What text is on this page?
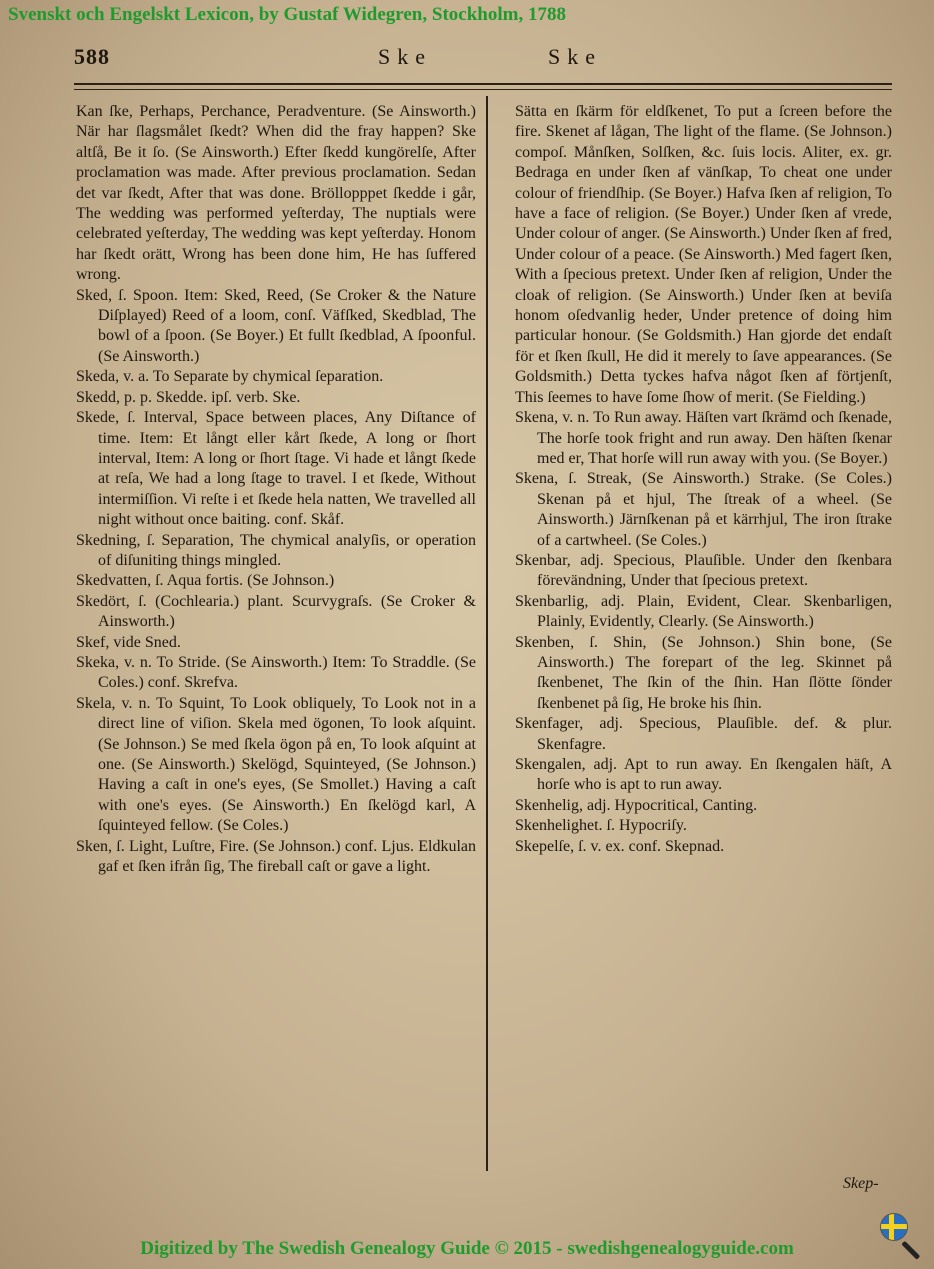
Svenskt och Engelskt Lexicon, by Gustaf Widegren, Stockholm, 1788
588	Ske	Ske

Kan ſke, Perhaps, Perchance, Peradventure. (Se Ainsworth.) När har ſlagsmålet ſkedt? When did the fray happen? Ske altſå, Be it ſo. (Se Ainsworth.) Efter ſkedd kungörelſe, After proclamation was made. After previous proclamation. Sedan det var ſkedt, After that was done. Bröllopppet ſkedde i går, The wedding was performed yeſterday, The nuptials were celebrated yeſterday, The wedding was kept yeſterday. Honom har ſkedt orätt, Wrong has been done him, He has ſuffered wrong.

Sked, ſ. Spoon. Item: Sked, Reed, (Se Croker & the Nature Diſplayed) Reed of a loom, conſ. Väfſked, Skedblad, The bowl of a ſpoon. (Se Boyer.) Et fullt ſkedblad, A ſpoonful. (Se Ainsworth.)

Skeda, v. a. To Separate by chymical ſeparation.

Skedd, p. p. Skedde. ipſ. verb. Ske.

Skede, ſ. Interval, Space between places, Any Diſtance of time. Item: Et långt eller kårt ſkede, A long or ſhort interval, Item: A long or ſhort ſtage. Vi hade et långt ſkede at reſa, We had a long ſtage to travel. I et ſkede, Without intermiſſion. Vi reſte i et ſkede hela natten, We travelled all night without once baiting. conf. Skåf.

Skedning, ſ. Separation, The chymical analyſis, or operation of diſuniting things mingled.

Skedvatten, ſ. Aqua fortis. (Se Johnson.)

Skedört, ſ. (Cochlearia.) plant. Scurvygraſs. (Se Croker & Ainsworth.)

Skef, vide Sned.

Skeka, v. n. To Stride. (Se Ainsworth.) Item: To Straddle. (Se Coles.) conf. Skrefva.

Skela, v. n. To Squint, To Look obliquely, To Look not in a direct line of viſion. Skela med ögonen, To look aſquint. (Se Johnson.) Se med ſkela ögon på en, To look aſquint at one. (Se Ainsworth.) Skelögd, Squinteyed, (Se Johnson.) Having a caſt in one's eyes, (Se Smollet.) Having a caſt with one's eyes. (Se Ainsworth.) En ſkelögd karl, A ſquinteyed fellow. (Se Coles.)

Sken, ſ. Light, Luſtre, Fire. (Se Johnson.) conf. Ljus. Eldkulan gaf et ſken ifrån ſig, The fireball caſt or gave a light.

Sätta en ſkärm för eldſkenet, To put a ſcreen before the fire. Skenet af lågan, The light of the flame. (Se Johnson.) compoſ. Månſken, Solſken, &c. ſuis locis. Aliter, ex. gr. Bedraga en under ſken af vänſkap, To cheat one under colour of friendſhip. (Se Boyer.) Hafva ſken af religion, To have a face of religion. (Se Boyer.) Under ſken af vrede, Under colour of anger. (Se Ainsworth.) Under ſken af fred, Under colour of a peace. (Se Ainsworth.) Med fagert ſken, With a ſpecious pretext. Under ſken af religion, Under the cloak of religion. (Se Ainsworth.) Under ſken at beviſa honom oſedvanlig heder, Under pretence of doing him particular honour. (Se Goldsmith.) Han gjorde det endaſt för et ſken ſkull, He did it merely to ſave appearances. (Se Goldsmith.) Detta tyckes hafva något ſken af förtjenſt, This ſeemes to have ſome ſhow of merit. (Se Fielding.)

Skena, v. n. To Run away. Häſten vart ſkrämd och ſkenade, The horſe took fright and run away. Den häſten ſkenar med er, That horſe will run away with you. (Se Boyer.)

Skena, ſ. Streak, (Se Ainsworth.) Strake. (Se Coles.) Skenan på et hjul, The ſtreak of a wheel. (Se Ainsworth.) Järnſkenan på et kärrhjul, The iron ſtrake of a cartwheel. (Se Coles.)

Skenbar, adj. Specious, Plauſible. Under den ſkenbara förevändning, Under that ſpecious pretext.

Skenbarlig, adj. Plain, Evident, Clear. Skenbarligen, Plainly, Evidently, Clearly. (Se Ainsworth.)

Skenben, ſ. Shin, (Se Johnson.) Shin bone, (Se Ainsworth.) The forepart of the leg. Skinnet på ſkenbenet, The ſkin of the ſhin. Han ſlötte ſönder ſkenbenet på ſig, He broke his ſhin.

Skenfager, adj. Specious, Plauſible. def. & plur. Skenfagre.

Skengalen, adj. Apt to run away. En ſkengalen häſt, A horſe who is apt to run away.

Skenhelig, adj. Hypocritical, Canting.

Skenhelighet. ſ. Hypocriſy.

Skepelſe, ſ. v. ex. conf. Skepnad.

Skep-
Digitized by The Swedish Genealogy Guide © 2015 - swedishgenealogyguide.com
